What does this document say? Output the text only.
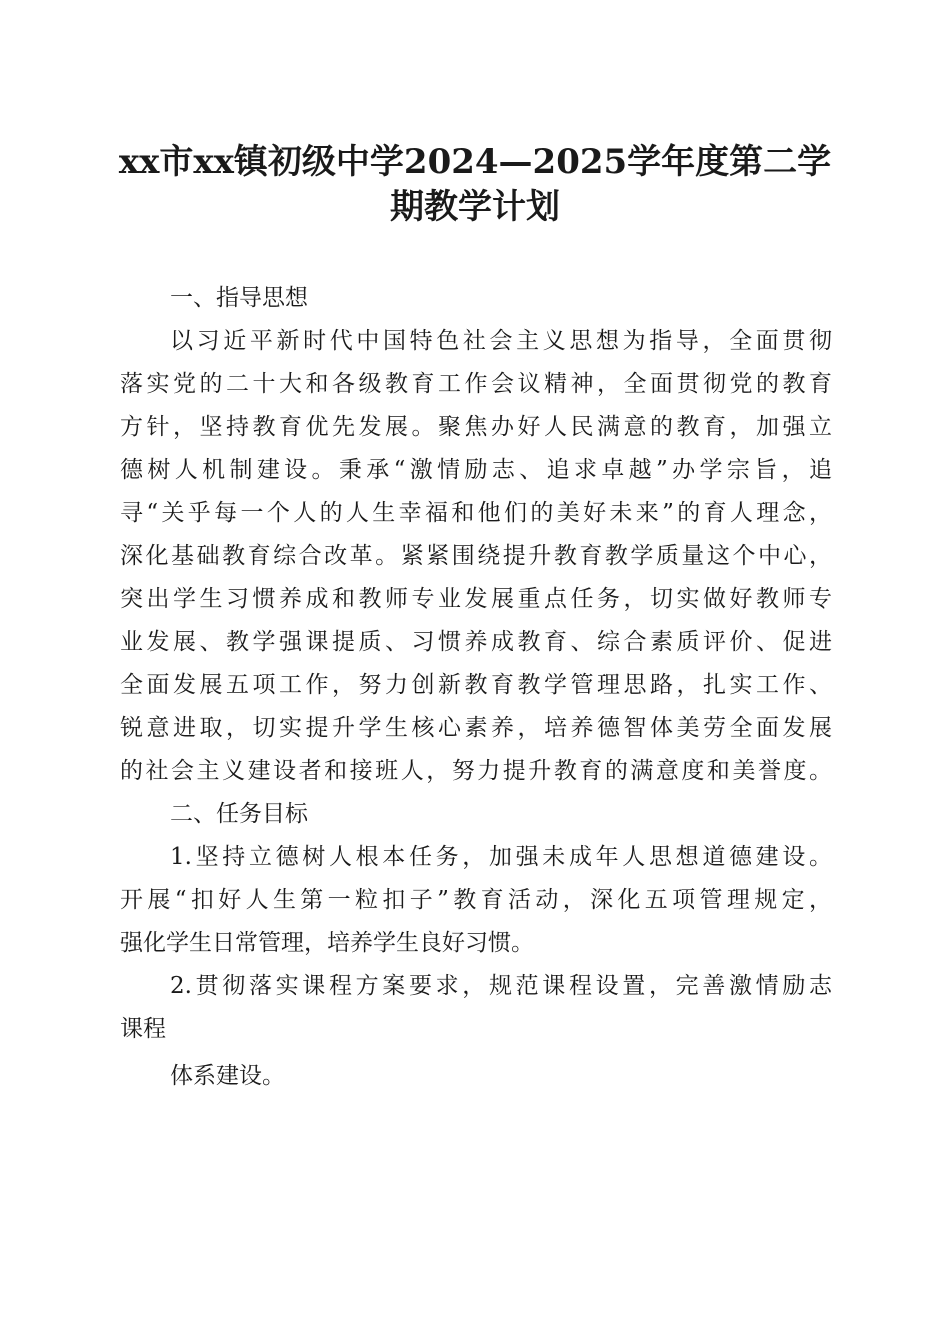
xx市xx镇初级中学2024—2025学年度第二学
期教学计划
一、指导思想
以习近平新时代中国特色社会主义思想为指导，全面贯彻
落实党的二十大和各级教育工作会议精神，全面贯彻党的教育
方针，坚持教育优先发展。聚焦办好人民满意的教育，加强立
德树人机制建设。秉承“激情励志、追求卓越”办学宗旨，追
寻“关乎每一个人的人生幸福和他们的美好未来”的育人理念，
深化基础教育综合改革。紧紧围绕提升教育教学质量这个中心，
突出学生习惯养成和教师专业发展重点任务，切实做好教师专
业发展、教学强课提质、习惯养成教育、综合素质评价、促进
全面发展五项工作，努力创新教育教学管理思路，扎实工作、
锐意进取，切实提升学生核心素养，培养德智体美劳全面发展
的社会主义建设者和接班人，努力提升教育的满意度和美誉度。
二、任务目标
1.坚持立德树人根本任务，加强未成年人思想道德建设。
开展“扣好人生第一粒扣子”教育活动，深化五项管理规定，
强化学生日常管理，培养学生良好习惯。
2.贯彻落实课程方案要求，规范课程设置，完善激情励志
课程
体系建设。
